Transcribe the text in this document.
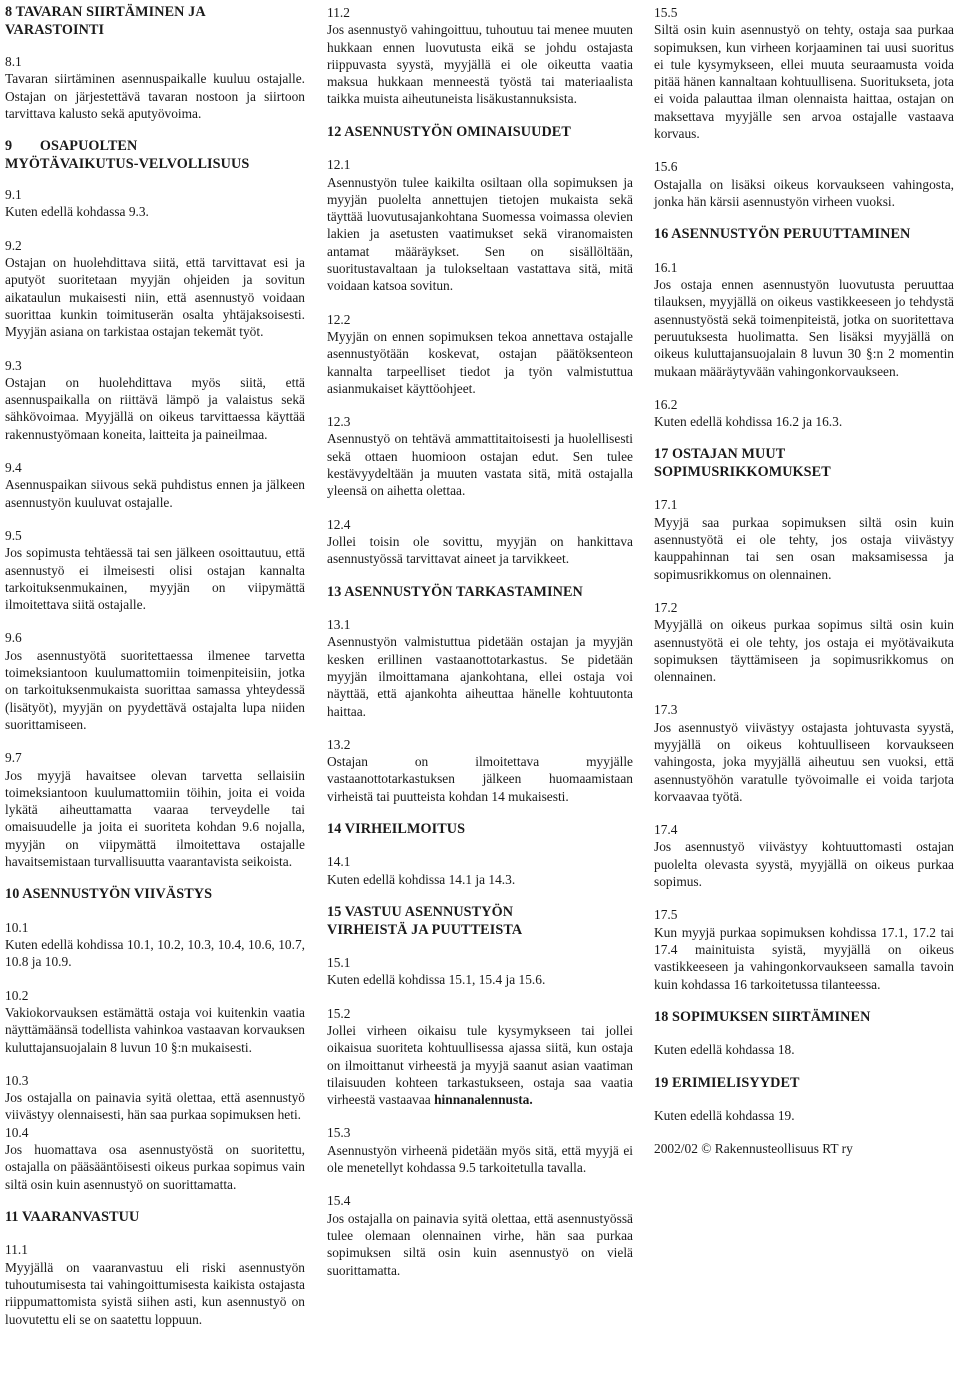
8 TAVARAN SIIRTÄMINEN JA VARASTOINTI
8.1
Tavaran siirtäminen asennuspaikalle kuuluu ostajalle. Ostajan on järjestettävä tavaran nostoon ja siirtoon tarvittava kalusto sekä aputyövoima.
9 OSAPUOLTEN MYÖTÄVAIKUTUS-VELVOLLISUUS
9.1
Kuten edellä kohdassa 9.3.
9.2
Ostajan on huolehdittava siitä, että tarvittavat esi ja aputyöt suoritetaan myyjän ohjeiden ja sovitun aikataulun mukaisesti niin, että asennustyö voidaan suorittaa kunkin toimituserän osalta yhtäjaksoisesti. Myyjän asiana on tarkistaa ostajan tekemät työt.
9.3
Ostajan on huolehdittava myös siitä, että asennuspaikalla on riittävä lämpö ja valaistus sekä sähkövoimaa. Myyjällä on oikeus tarvittaessa käyttää rakennustyömaan koneita, laitteita ja paineilmaa.
9.4
Asennuspaikan siivous sekä puhdistus ennen ja jälkeen asennustyön kuuluvat ostajalle.
9.5
Jos sopimusta tehtäessä tai sen jälkeen osoittautuu, että asennustyö ei ilmeisesti olisi ostajan kannalta tarkoituksenmukainen, myyjän on viipymättä ilmoitettava siitä ostajalle.
9.6
Jos asennustyötä suoritettaessa ilmenee tarvetta toimeksiantoon kuulumattomiin toimenpiteisiin, jotka on tarkoituksenmukaista suorittaa samassa yhteydessä (lisätyöt), myyjän on pyydettävä ostajalta lupa niiden suorittamiseen.
9.7
Jos myyjä havaitsee olevan tarvetta sellaisiin toimeksiantoon kuulumattomiin töihin, joita ei voida lykätä aiheuttamatta vaaraa terveydelle tai omaisuudelle ja joita ei suoriteta kohdan 9.6 nojalla, myyjän on viipymättä ilmoitettava ostajalle havaitsemistaan turvallisuutta vaarantavista seikoista.
10 ASENNUSTYÖN VIIVÄSTYS
10.1
Kuten edellä kohdissa 10.1, 10.2, 10.3, 10.4, 10.6, 10.7, 10.8 ja 10.9.
10.2
Vakiokorvauksen estämättä ostaja voi kuitenkin vaatia näyttämäänsä todellista vahinkoa vastaavan korvauksen kuluttajansuojalain 8 luvun 10 §:n mukaisesti.
10.3
Jos ostajalla on painavia syitä olettaa, että asennustyö viivästyy olennaisesti, hän saa purkaa sopimuksen heti.
10.4
Jos huomattava osa asennustyöstä on suoritettu, ostajalla on pääsääntöisesti oikeus purkaa sopimus vain siltä osin kuin asennustyö on suorittamatta.
11 VAARANVASTUU
11.1
Myyjällä on vaaranvastuu eli riski asennustyön tuhoutumisesta tai vahingoittumisesta kaikista ostajasta riippumattomista syistä siihen asti, kun asennustyö on luovutettu eli se on saatettu loppuun.
11.2
Jos asennustyö vahingoittuu, tuhoutuu tai menee muuten hukkaan ennen luovutusta eikä se johdu ostajasta riippuvasta syystä, myyjällä ei ole oikeutta vaatia maksua hukkaan menneestä työstä tai materiaalista taikka muista aiheutuneista lisäkustannuksista.
12 ASENNUSTYÖN OMINAISUUDET
12.1
Asennustyön tulee kaikilta osiltaan olla sopimuksen ja myyjän puolelta annettujen tietojen mukaista sekä täyttää luovutusajankohtana Suomessa voimassa olevien lakien ja asetusten vaatimukset sekä viranomaisten antamat määräykset. Sen on sisällöltään, suoritustavaltaan ja tulokseltaan vastattava sitä, mitä voidaan katsoa sovitun.
12.2
Myyjän on ennen sopimuksen tekoa annettava ostajalle asennustyötään koskevat, ostajan päätöksenteon kannalta tarpeelliset tiedot ja työn valmistuttua asianmukaiset käyttöohjeet.
12.3
Asennustyö on tehtävä ammattitaitoisesti ja huolellisesti sekä ottaen huomioon ostajan edut. Sen tulee kestävyydeltään ja muuten vastata sitä, mitä ostajalla yleensä on aihetta olettaa.
12.4
Jollei toisin ole sovittu, myyjän on hankittava asennustyössä tarvittavat aineet ja tarvikkeet.
13 ASENNUSTYÖN TARKASTAMINEN
13.1
Asennustyön valmistuttua pidetään ostajan ja myyjän kesken erillinen vastaanottotarkastus. Se pidetään myyjän ilmoittamana ajankohtana, ellei ostaja voi näyttää, että ajankohta aiheuttaa hänelle kohtuutonta haittaa.
13.2
Ostajan on ilmoitettava myyjälle vastaanottotarkastuksen jälkeen huomaamistaan virheistä tai puutteista kohdan 14 mukaisesti.
14 VIRHEILMOITUS
14.1
Kuten edellä kohdissa 14.1 ja 14.3.
15 VASTUU ASENNUSTYÖN VIRHEISTÄ JA PUUTTEISTA
15.1
Kuten edellä kohdissa 15.1, 15.4 ja 15.6.
15.2
Jollei virheen oikaisu tule kysymykseen tai jollei oikaisua suoriteta kohtuullisessa ajassa siitä, kun ostaja on ilmoittanut virheestä ja myyjä saanut asian vaatiman tilaisuuden kohteen tarkastukseen, ostaja saa vaatia virheestä vastaavaa hinnanalennusta.
15.3
Asennustyön virheenä pidetään myös sitä, että myyjä ei ole menetellyt kohdassa 9.5 tarkoitetulla tavalla.
15.4
Jos ostajalla on painavia syitä olettaa, että asennustyössä tulee olemaan olennainen virhe, hän saa purkaa sopimuksen siltä osin kuin asennustyö on vielä suorittamatta.
15.5
Siltä osin kuin asennustyö on tehty, ostaja saa purkaa sopimuksen, kun virheen korjaaminen tai uusi suoritus ei tule kysymykseen, ellei muuta seuraamusta voida pitää hänen kannaltaan kohtuullisena. Suoritukseta, jota ei voida palauttaa ilman olennaista haittaa, ostajan on maksettava myyjälle sen arvoa ostajalle vastaava korvaus.
15.6
Ostajalla on lisäksi oikeus korvaukseen vahingosta, jonka hän kärsii asennustyön virheen vuoksi.
16 ASENNUSTYÖN PERUUTTAMINEN
16.1
Jos ostaja ennen asennustyön luovutusta peruuttaa tilauksen, myyjällä on oikeus vastikkeeseen jo tehdystä asennustyöstä sekä toimenpiteistä, jotka on suoritettava peruutuksesta huolimatta. Sen lisäksi myyjällä on oikeus kuluttajansuojalain 8 luvun 30 §:n 2 momentin mukaan määräytyvään vahingonkorvaukseen.
16.2
Kuten edellä kohdissa 16.2 ja 16.3.
17 OSTAJAN MUUT SOPIMUSRIKKOMUKSET
17.1
Myyjä saa purkaa sopimuksen siltä osin kuin asennustyötä ei ole tehty, jos ostaja viivästyy kauppahinnan tai sen osan maksamisessa ja sopimusrikkomus on olennainen.
17.2
Myyjällä on oikeus purkaa sopimus siltä osin kuin asennustyötä ei ole tehty, jos ostaja ei myötävaikuta sopimuksen täyttämiseen ja sopimusrikkomus on olennainen.
17.3
Jos asennustyö viivästyy ostajasta johtuvasta syystä, myyjällä on oikeus kohtuulliseen korvaukseen vahingosta, joka myyjällä aiheutuu sen vuoksi, että asennustyöhön varatulle työvoimalle ei voida tarjota korvaavaa työtä.
17.4
Jos asennustyö viivästyy kohtuuttomasti ostajan puolelta olevasta syystä, myyjällä on oikeus purkaa sopimus.
17.5
Kun myyjä purkaa sopimuksen kohdissa 17.1, 17.2 tai 17.4 mainituista syistä, myyjällä on oikeus vastikkeeseen ja vahingonkorvaukseen samalla tavoin kuin kohdassa 16 tarkoitetussa tilanteessa.
18 SOPIMUKSEN SIIRTÄMINEN
Kuten edellä kohdassa 18.
19 ERIMIELISYYDET
Kuten edellä kohdassa 19.
2002/02 © Rakennusteollisuus RT ry
